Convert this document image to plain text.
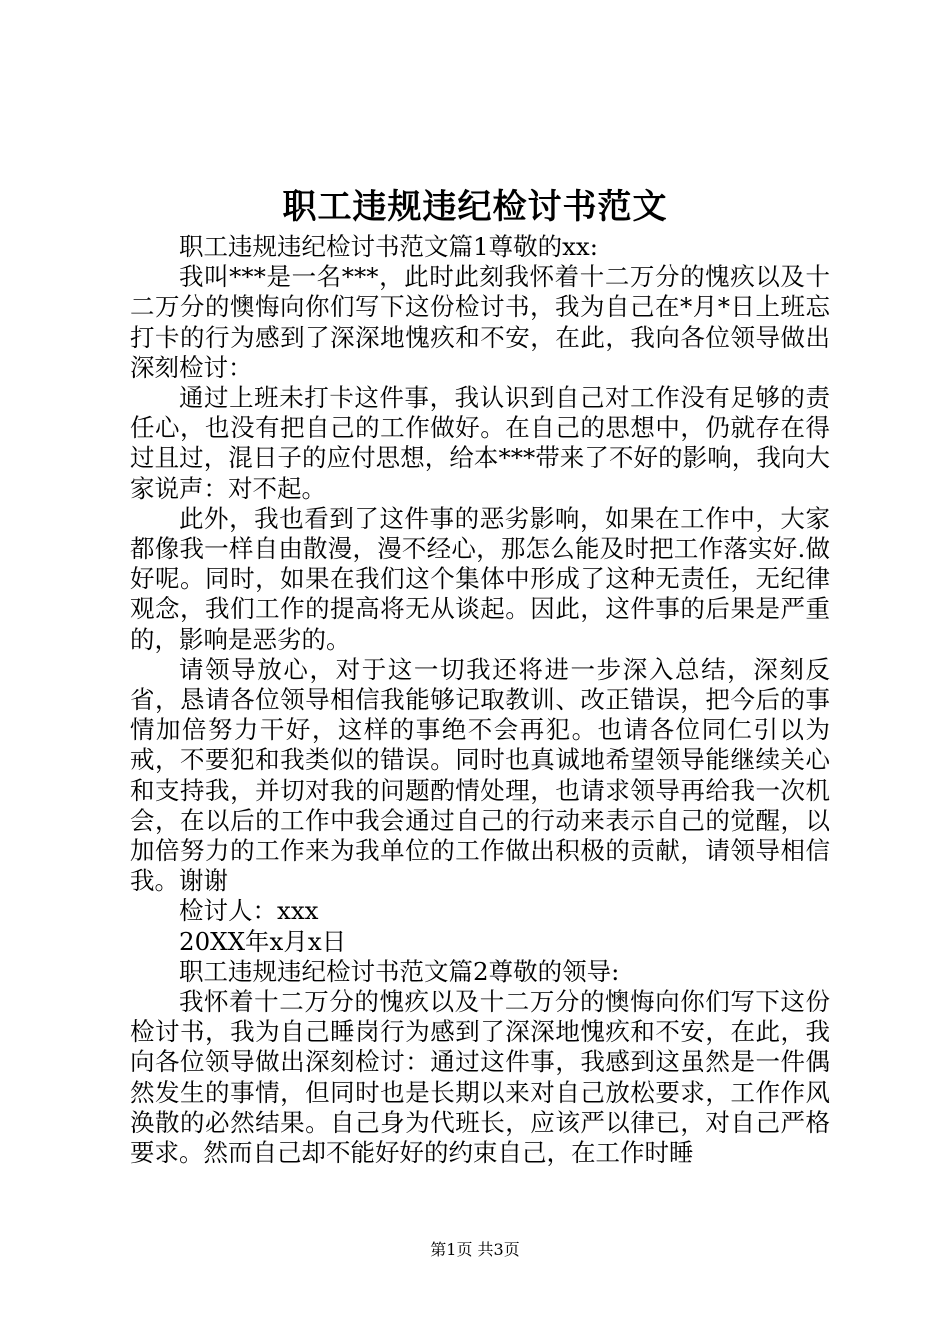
职工违规违纪检讨书范文

职工违规违纪检讨书范文篇1尊敬的xx:

我叫***是一名***，此时此刻我怀着十二万分的愧疚以及十二万分的懊悔向你们写下这份检讨书，我为自己在*月*日上班忘打卡的行为感到了深深地愧疚和不安，在此，我向各位领导做出深刻检讨：

通过上班未打卡这件事，我认识到自己对工作没有足够的责任心，也没有把自己的工作做好。在自己的思想中，仍就存在得过且过，混日子的应付思想，给本***带来了不好的影响，我向大家说声：对不起。

此外，我也看到了这件事的恶劣影响，如果在工作中，大家都像我一样自由散漫，漫不经心，那怎么能及时把工作落实好.做好呢。同时，如果在我们这个集体中形成了这种无责任，无纪律观念，我们工作的提高将无从谈起。因此，这件事的后果是严重的，影响是恶劣的。

请领导放心，对于这一切我还将进一步深入总结，深刻反省，恳请各位领导相信我能够记取教训、改正错误，把今后的事情加倍努力干好，这样的事绝不会再犯。也请各位同仁引以为戒，不要犯和我类似的错误。同时也真诚地希望领导能继续关心和支持我，并切对我的问题酌情处理，也请求领导再给我一次机会，在以后的工作中我会通过自己的行动来表示自己的觉醒，以加倍努力的工作来为我单位的工作做出积极的贡献，请领导相信我。谢谢

检讨人：xxx

20XX年x月x日

职工违规违纪检讨书范文篇2尊敬的领导:

我怀着十二万分的愧疚以及十二万分的懊悔向你们写下这份检讨书，我为自己睡岗行为感到了深深地愧疚和不安，在此，我向各位领导做出深刻检讨：通过这件事，我感到这虽然是一件偶然发生的事情，但同时也是长期以来对自己放松要求，工作作风涣散的必然结果。自己身为代班长，应该严以律已，对自己严格要求。然而自己却不能好好的约束自己，在工作时睡

第1页 共3页
